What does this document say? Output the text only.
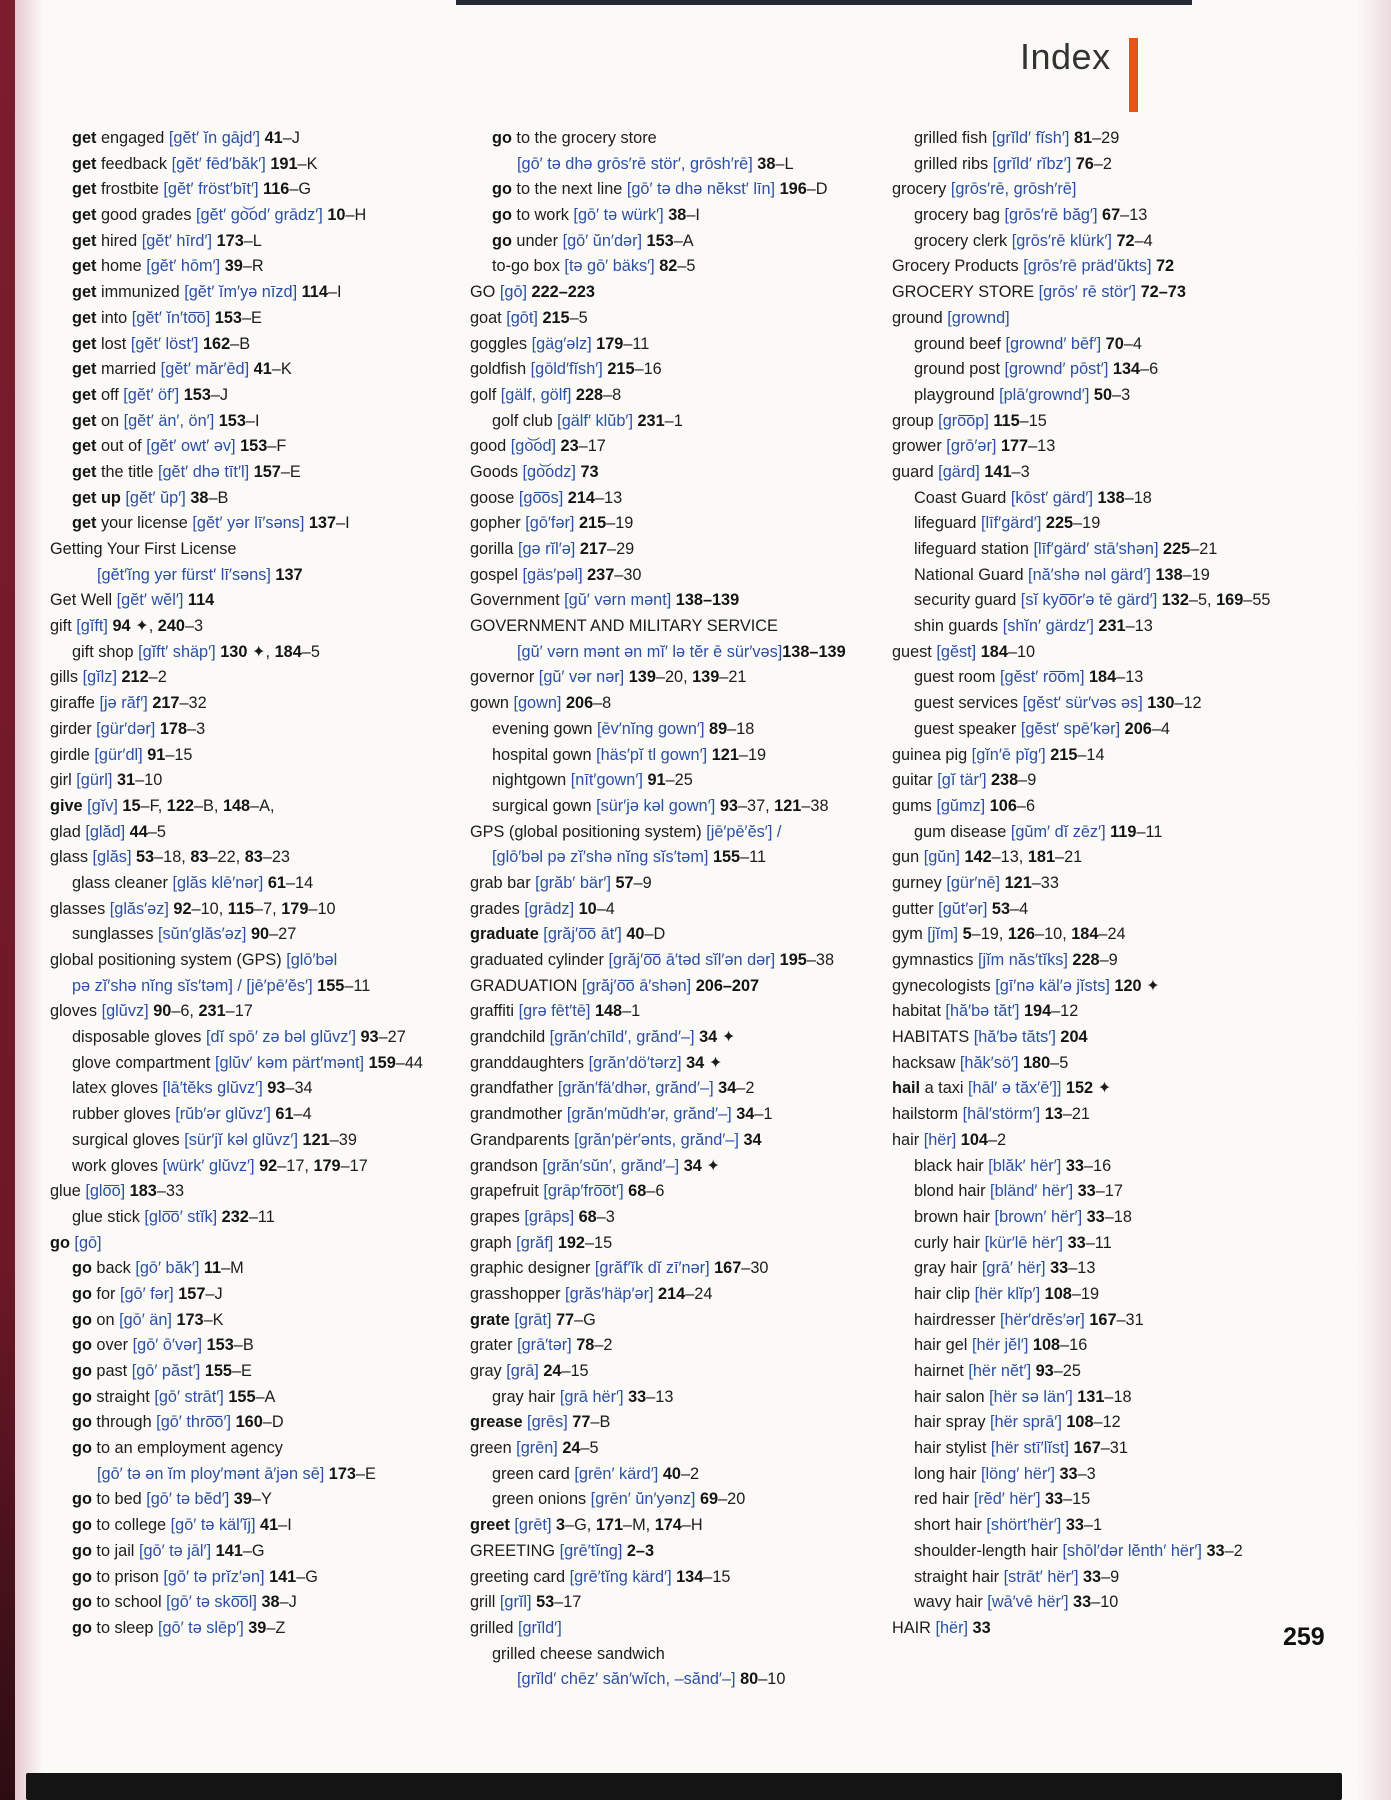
Index
get engaged [gĕt′ ĭn gājd′] 41–J
get feedback [gĕt′ fēd′băk′] 191–K
get frostbite [gĕt′ fröst′bīt′] 116–G
get good grades [gĕt′ go͝od′ grādz′] 10–H
get hired [gĕt′ hīrd′] 173–L
get home [gĕt′ hōm′] 39–R
get immunized [gĕt′ ĭm′yə nīzd] 114–I
get into [gĕt′ ĭn′to͞o] 153–E
get lost [gĕt′ löst′] 162–B
get married [gĕt′ măr′ēd] 41–K
get off [gĕt′ öf′] 153–J
get on [gĕt′ än′, ön′] 153–I
get out of [gĕt′ owt′ əv] 153–F
get the title [gĕt′ dhə tīt′l] 157–E
get up [gĕt′ ŭp′] 38–B
get your license [gĕt′ yər lī′səns] 137–I
Getting Your First License
[gĕt′ĭng yər fürst′ lī′səns] 137
Get Well [gĕt′ wĕl′] 114
gift [gĭft] 94 ✦, 240–3
gift shop [gĭft′ shäp′] 130 ✦, 184–5
gills [gĭlz] 212–2
giraffe [jə răf′] 217–32
girder [gür′dər] 178–3
girdle [gür′dl] 91–15
girl [gürl] 31–10
give [gĭv] 15–F, 122–B, 148–A,
glad [glăd] 44–5
glass [glăs] 53–18, 83–22, 83–23
glass cleaner [glăs klē′nər] 61–14
glasses [glăs′əz] 92–10, 115–7, 179–10
sunglasses [sŭn′glăs′əz] 90–27
global positioning system (GPS) [glō′bəl
pə zĭ′shə nĭng sĭs′təm] / [jē′pē′ĕs′] 155–11
gloves [glŭvz] 90–6, 231–17
disposable gloves [dĭ spō′ zə bəl glŭvz′] 93–27
glove compartment [glŭv′ kəm pärt′mənt] 159–44
latex gloves [lā′tĕks glŭvz′] 93–34
rubber gloves [rŭb′ər glŭvz′] 61–4
surgical gloves [sür′jĭ kəl glŭvz′] 121–39
work gloves [würk′ glŭvz′] 92–17, 179–17
glue [glo͞o] 183–33
glue stick [glo͞o′ stĭk] 232–11
go [gō]
go back [gō′ băk′] 11–M
go for [gō′ fər] 157–J
go on [gō′ än] 173–K
go over [gō′ ō′vər] 153–B
go past [gō′ păst′] 155–E
go straight [gō′ strāt′] 155–A
go through [gō′ thro͞o′] 160–D
go to an employment agency
[gō′ tə ən ĭm ploy′mənt ā′jən sē] 173–E
go to bed [gō′ tə bĕd′] 39–Y
go to college [gō′ tə käl′ĭj] 41–I
go to jail [gō′ tə jāl′] 141–G
go to prison [gō′ tə prĭz′ən] 141–G
go to school [gō′ tə sko͞ol] 38–J
go to sleep [gō′ tə slēp′] 39–Z
go to the grocery store
[gō′ tə dhə grōs′rē stör′, grōsh′rē] 38–L
go to the next line [gō′ tə dhə nĕkst′ līn] 196–D
go to work [gō′ tə würk′] 38–I
go under [gō′ ŭn′dər] 153–A
to-go box [tə gō′ bäks′] 82–5
GO [gō] 222–223
goat [gōt] 215–5
goggles [gäg′əlz] 179–11
goldfish [gōld′fĭsh′] 215–16
golf [gälf, gölf] 228–8
golf club [gälf′ klŭb′] 231–1
good [go͝od] 23–17
Goods [go͝odz] 73
goose [go͞os] 214–13
gopher [gō′fər] 215–19
gorilla [gə rĭl′ə] 217–29
gospel [gäs′pəl] 237–30
Government [gŭ′ vərn mənt] 138–139
GOVERNMENT AND MILITARY SERVICE
[gŭ′ vərn mənt ən mĭ′ lə tĕr ē sür′vəs]138–139
governor [gŭ′ vər nər] 139–20, 139–21
gown [gown] 206–8
evening gown [ēv′nĭng gown′] 89–18
hospital gown [häs′pĭ tl gown′] 121–19
nightgown [nīt′gown′] 91–25
surgical gown [sür′jə kəl gown′] 93–37, 121–38
GPS (global positioning system) [jē′pē′ĕs′] /
[glō′bəl pə zĭ′shə nĭng sĭs′təm] 155–11
grab bar [grăb′ bär′] 57–9
grades [grādz] 10–4
graduate [grăj′o͞o āt′] 40–D
graduated cylinder [grăj′o͞o ā′təd sĭl′ən dər] 195–38
GRADUATION [grăj′o͞o ā′shən] 206–207
graffiti [grə fēt′tē] 148–1
grandchild [grăn′chīld′, grănd′–] 34 ✦
granddaughters [grăn′dö′tərz] 34 ✦
grandfather [grăn′fä′dhər, grănd′–] 34–2
grandmother [grăn′mŭdh′ər, grănd′–] 34–1
Grandparents [grăn′për′ənts, grănd′–] 34
grandson [grăn′sŭn′, grănd′–] 34 ✦
grapefruit [grāp′fro͞ot′] 68–6
grapes [grāps] 68–3
graph [grăf] 192–15
graphic designer [grăf′ĭk dĭ zī′nər] 167–30
grasshopper [grăs′häp′ər] 214–24
grate [grāt] 77–G
grater [grā′tər] 78–2
gray [grā] 24–15
gray hair [grā hër′] 33–13
grease [grēs] 77–B
green [grēn] 24–5
green card [grēn′ kärd′] 40–2
green onions [grēn′ ŭn′yənz] 69–20
greet [grēt] 3–G, 171–M, 174–H
GREETING [grē′tĭng] 2–3
greeting card [grē′tĭng kärd′] 134–15
grill [grĭl] 53–17
grilled [grĭld′]
grilled cheese sandwich
[grĭld′ chēz′ săn′wĭch, –sănd′–] 80–10
grilled fish [grĭld′ fĭsh′] 81–29
grilled ribs [grĭld′ rĭbz′] 76–2
grocery [grōs′rē, grōsh′rē]
grocery bag [grōs′rē băg′] 67–13
grocery clerk [grōs′rē klürk′] 72–4
Grocery Products [grōs′rē präd′ŭkts] 72
GROCERY STORE [grōs′ rē stör′] 72–73
ground [grownd]
ground beef [grownd′ bēf′] 70–4
ground post [grownd′ pōst′] 134–6
playground [plā′grownd′] 50–3
group [gro͞op] 115–15
grower [grō′ər] 177–13
guard [gärd] 141–3
Coast Guard [kōst′ gärd′] 138–18
lifeguard [līf′gärd′] 225–19
lifeguard station [līf′gärd′ stā′shən] 225–21
National Guard [nă′shə nəl gärd′] 138–19
security guard [sĭ kyo͞or′ə tē gärd′] 132–5, 169–55
shin guards [shĭn′ gärdz′] 231–13
guest [gĕst] 184–10
guest room [gĕst′ ro͞om] 184–13
guest services [gĕst′ sür′vəs əs] 130–12
guest speaker [gĕst′ spē′kər] 206–4
guinea pig [gĭn′ē pĭg′] 215–14
guitar [gĭ tär′] 238–9
gums [gŭmz] 106–6
gum disease [gŭm′ dĭ zēz′] 119–11
gun [gŭn] 142–13, 181–21
gurney [gür′nē] 121–33
gutter [gŭt′ər] 53–4
gym [jĭm] 5–19, 126–10, 184–24
gymnastics [jĭm năs′tĭks] 228–9
gynecologists [gī′nə käl′ə jĭsts] 120 ✦
habitat [hă′bə tăt′] 194–12
HABITATS [hă′bə tăts′] 204
hacksaw [hăk′sö′] 180–5
hail a taxi [hāl′ ə tăx′ē′]] 152 ✦
hailstorm [hāl′störm′] 13–21
hair [hër] 104–2
black hair [blăk′ hër′] 33–16
blond hair [bländ′ hër′] 33–17
brown hair [brown′ hër′] 33–18
curly hair [kür′lē hër′] 33–11
gray hair [grā′ hër] 33–13
hair clip [hër klĭp′] 108–19
hairdresser [hër′drĕs′ər] 167–31
hair gel [hër jĕl′] 108–16
hairnet [hër nĕt′] 93–25
hair salon [hër sə län′] 131–18
hair spray [hër sprā′] 108–12
hair stylist [hër stī′lĭst] 167–31
long hair [löng′ hër′] 33–3
red hair [rĕd′ hër′] 33–15
short hair [shört′hër′] 33–1
shoulder-length hair [shōl′dər lĕnth′ hër′] 33–2
straight hair [strāt′ hër′] 33–9
wavy hair [wā′vē hër′] 33–10
HAIR [hër] 33	259
